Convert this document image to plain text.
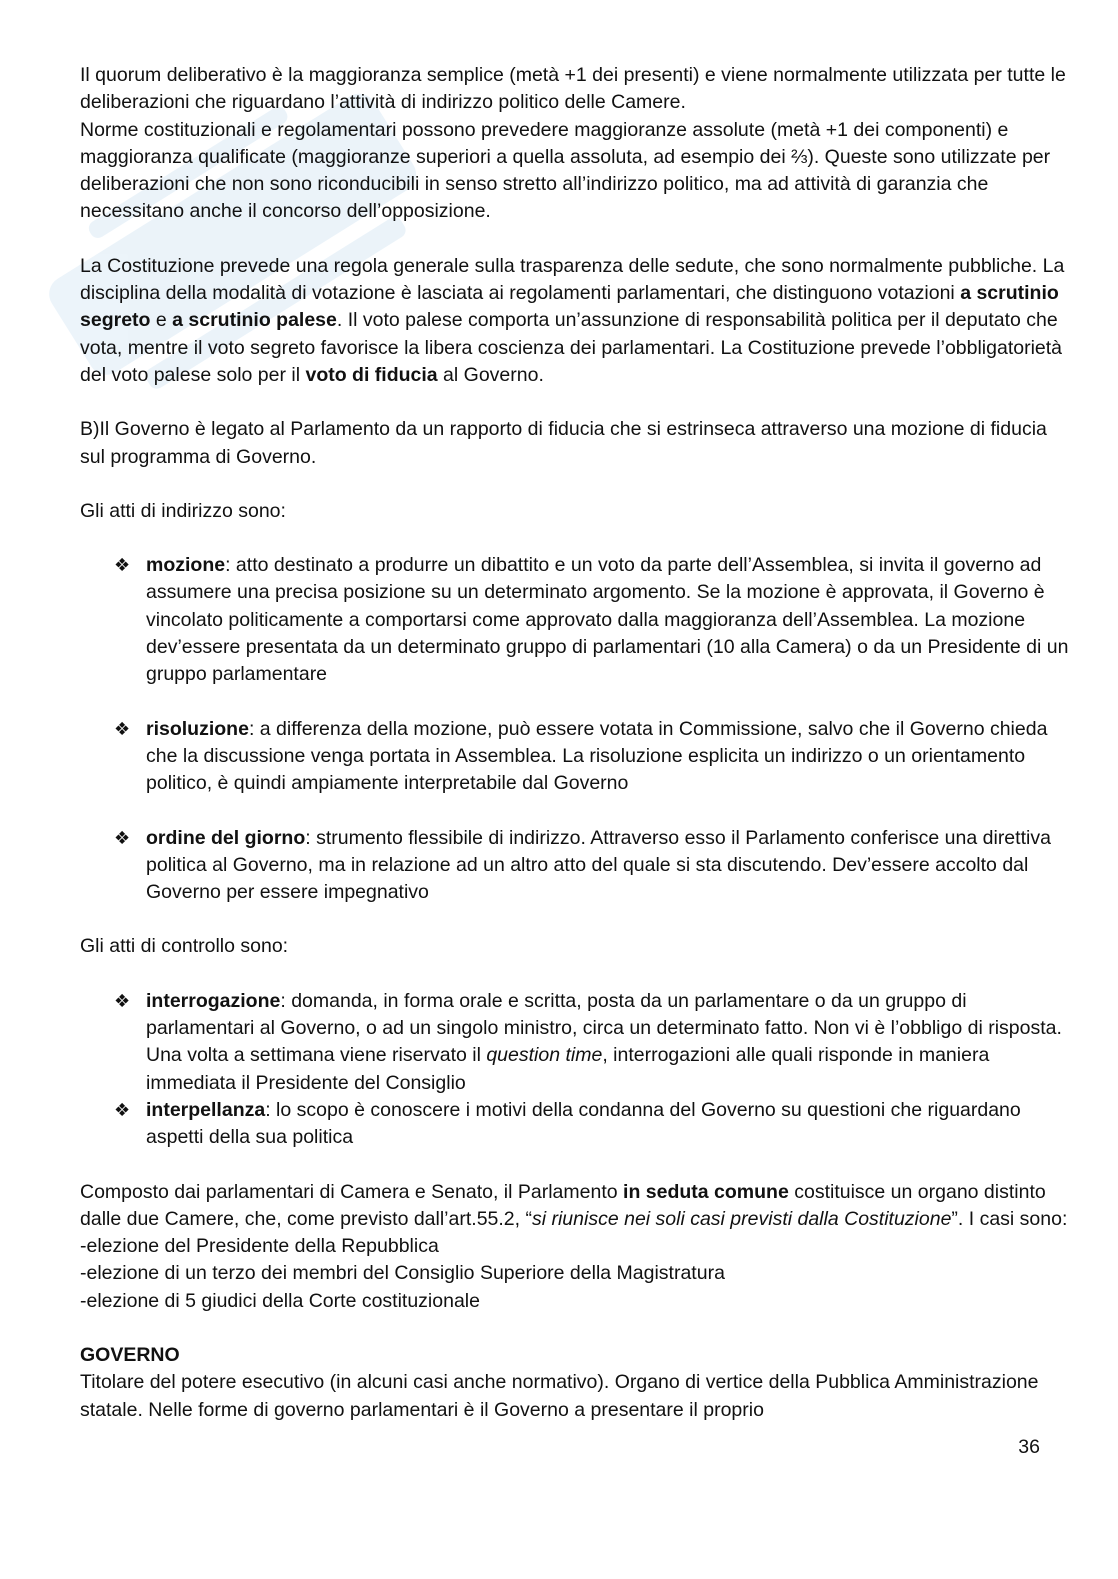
Il quorum deliberativo è la maggioranza semplice (metà +1 dei presenti) e viene normalmente utilizzata per tutte le deliberazioni che riguardano l’attività di indirizzo politico delle Camere.

Norme costituzionali e regolamentari possono prevedere maggioranze assolute (metà +1 dei componenti) e maggioranza qualificate (maggioranze superiori a quella assoluta, ad esempio dei ⅔). Queste sono utilizzate per deliberazioni che non sono riconducibili in senso stretto all’indirizzo politico, ma ad attività di garanzia che necessitano anche il concorso dell’opposizione.

La Costituzione prevede una regola generale sulla trasparenza delle sedute, che sono normalmente pubbliche. La disciplina della modalità di votazione è lasciata ai regolamenti parlamentari, che distinguono votazioni a scrutinio segreto e a scrutinio palese. Il voto palese comporta un’assunzione di responsabilità politica per il deputato che vota, mentre il voto segreto favorisce la libera coscienza dei parlamentari. La Costituzione prevede l’obbligatorietà del voto palese solo per il voto di fiducia al Governo.

B)Il Governo è legato al Parlamento da un rapporto di fiducia che si estrinseca attraverso una mozione di fiducia sul programma di Governo.

Gli atti di indirizzo sono:

❖ mozione: atto destinato a produrre un dibattito e un voto da parte dell’Assemblea, si invita il governo ad assumere una precisa posizione su un determinato argomento. Se la mozione è approvata, il Governo è vincolato politicamente a comportarsi come approvato dalla maggioranza dell’Assemblea. La mozione dev’essere presentata da un determinato gruppo di parlamentari (10 alla Camera) o da un Presidente di un gruppo parlamentare
❖ risoluzione: a differenza della mozione, può essere votata in Commissione, salvo che il Governo chieda che la discussione venga portata in Assemblea. La risoluzione esplicita un indirizzo o un orientamento politico, è quindi ampiamente interpretabile dal Governo
❖ ordine del giorno: strumento flessibile di indirizzo. Attraverso esso il Parlamento conferisce una direttiva politica al Governo, ma in relazione ad un altro atto del quale si sta discutendo. Dev’essere accolto dal Governo per essere impegnativo

Gli atti di controllo sono:

❖ interrogazione: domanda, in forma orale e scritta, posta da un parlamentare o da un gruppo di parlamentari al Governo, o ad un singolo ministro, circa un determinato fatto. Non vi è l’obbligo di risposta. Una volta a settimana viene riservato il question time, interrogazioni alle quali risponde in maniera immediata il Presidente del Consiglio
❖ interpellanza: lo scopo è conoscere i motivi della condanna del Governo su questioni che riguardano aspetti della sua politica

Composto dai parlamentari di Camera e Senato, il Parlamento in seduta comune costituisce un organo distinto dalle due Camere, che, come previsto dall’art.55.2, “si riunisce nei soli casi previsti dalla Costituzione”. I casi sono:

-elezione del Presidente della Repubblica

-elezione di un terzo dei membri del Consiglio Superiore della Magistratura

-elezione di 5 giudici della Corte costituzionale

GOVERNO

Titolare del potere esecutivo (in alcuni casi anche normativo). Organo di vertice della Pubblica Amministrazione statale. Nelle forme di governo parlamentari è il Governo a presentare il proprio

36
